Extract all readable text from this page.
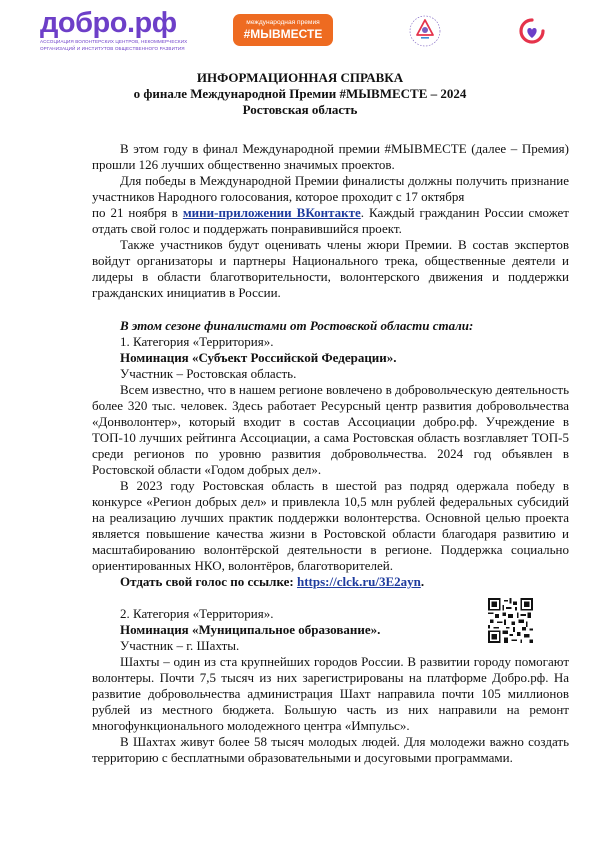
добро.рф
АССОЦИАЦИЯ ВОЛОНТЕРСКИХ ЦЕНТРОВ, НЕКОММЕРЧЕСКИХ
ОРГАНИЗАЦИЙ И ИНСТИТУТОВ ОБЩЕСТВЕННОГО РАЗВИТИЯ
международная премия
#МЫВМЕСТЕ
ИНФОРМАЦИОННАЯ СПРАВКА
о финале Международной Премии #МЫВМЕСТЕ – 2024
Ростовская область

В этом году в финал Международной премии #МЫВМЕСТЕ (далее – Премия) прошли 126 лучших общественно значимых проектов.

Для победы в Международной Премии финалисты должны получить признание участников Народного голосования, которое проходит с 17 октября

по 21 ноября в мини-приложении ВКонтакте. Каждый гражданин России сможет отдать свой голос и поддержать понравившийся проект.

Также участников будут оценивать члены жюри Премии. В состав экспертов войдут организаторы и партнеры Национального трека, общественные деятели и лидеры в области благотворительности, волонтерского движения и поддержки гражданских инициатив в России.

В этом сезоне финалистами от Ростовской области стали:

1. Категория «Территория».

Номинация «Субъект Российской Федерации».

Участник – Ростовская область.

Всем известно, что в нашем регионе вовлечено в добровольческую деятельность более 320 тыс. человек. Здесь работает Ресурсный центр развития добровольчества «Донволонтер», который входит в состав Ассоциации добро.рф. Учреждение в ТОП-10 лучших рейтинга Ассоциации, а сама Ростовская область возглавляет ТОП-5 среди регионов по уровню развития добровольчества. 2024 год объявлен в Ростовской области «Годом добрых дел».

В 2023 году Ростовская область в шестой раз подряд одержала победу в конкурсе «Регион добрых дел» и привлекла 10,5 млн рублей федеральных субсидий на реализацию лучших практик поддержки волонтерства. Основной целью проекта является повышение качества жизни в Ростовской области благодаря развитию и масштабированию волонтёрской деятельности в регионе. Поддержка социально ориентированных НКО, волонтёров, благотворителей.

Отдать свой голос по ссылке: https://clck.ru/3E2ayn.

2. Категория «Территория».

Номинация «Муниципальное образование».

Участник – г. Шахты.

Шахты – один из ста крупнейших городов России. В развитии городу помогают волонтеры. Почти 7,5 тысяч из них зарегистрированы на платформе Добро.рф. На развитие добровольчества администрация Шахт направила почти 105 миллионов рублей из местного бюджета. Большую часть из них направили на ремонт многофункционального молодежного центра «Импульс».

В Шахтах живут более 58 тысяч молодых людей. Для молодежи важно создать территорию с бесплатными образовательными и досуговыми программами.
